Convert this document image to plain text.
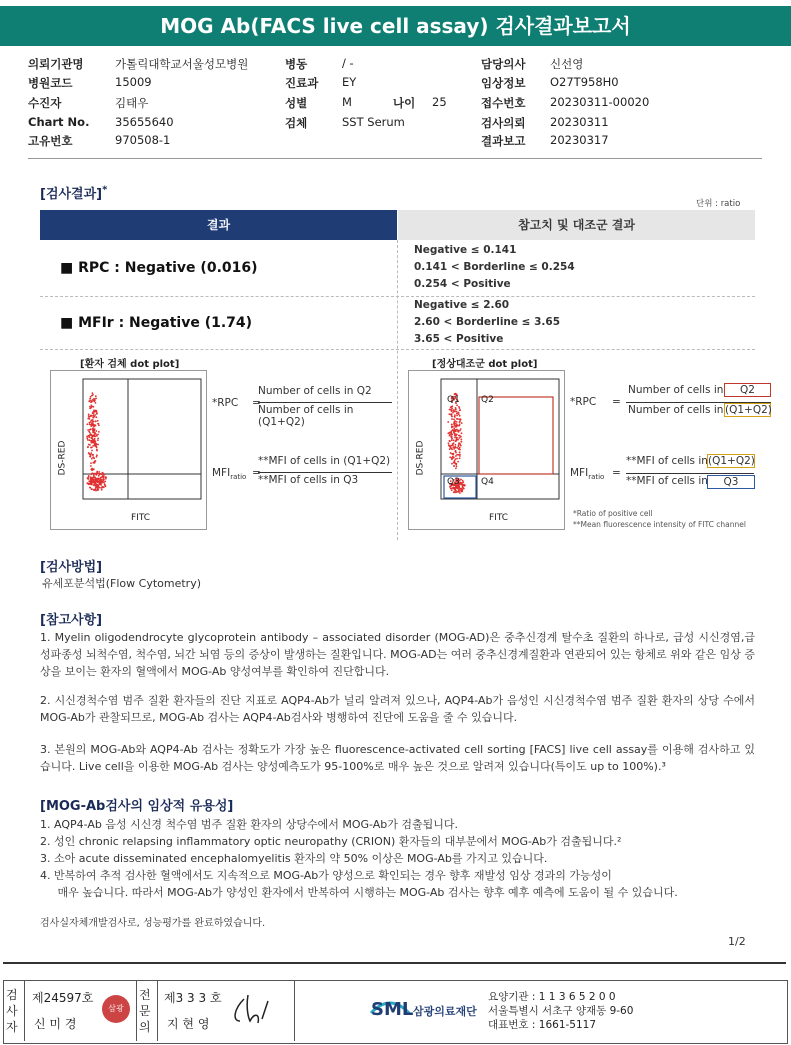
MOG Ab(FACS live cell assay) 검사결과보고서
의뢰기관명	가톨릭대학교서울성모병원
병원코드	15009
수진자	김태우
Chart No. 35655640
고유번호	970508-1
병동	/ -
진료과 EY
성별	M
검체	SST Serum
담당의사 신선영
임상정보 O27T958H0
접수번호 20230311-00020
검사의뢰 20230311
결과보고 20230317
나이 25
[검사결과]*
단위 : ratio
결과	참고치 및 대조군 결과
■ RPC : Negative (0.016)
Negative ≤ 0.141
0.141 < Borderline ≤ 0.254
0.254 < Positive
■ MFIr : Negative (1.74)
Negative ≤ 2.60
2.60 < Borderline ≤ 3.65
3.65 < Positive
[환자 검체 dot plot]
DS-RED
FITC
*RPC =
Number of cells in Q2
Number of cells in (Q1+Q2)
$MFI_{ratio}$ =
**MFI of cells in (Q1+Q2)
**MFI of cells in Q3
[정상대조군 dot plot]
Q1 Q2
Q3 Q4
DS-RED
FITC
*RPC =
Number of cells in	Q2
Number of cells in (Q1+Q2)
$MFI_{ratio}$ =
**MFI of cells in (Q1+Q2)
**MFI of cells in	Q3
*Ratio of positive cell
**Mean fluorescence intensity of FITC channel
[검사방법]
유세포분석법(Flow Cytometry)
[참고사항]
1. Myelin oligodendrocyte glycoprotein antibody – associated disorder (MOG-AD)은 중추신경계 탈수초 질환의 하나로, 급성 시신경염,급성파종성 뇌척수염, 척수염, 뇌간 뇌염 등의 증상이 발생하는 질환입니다. MOG-AD는 여러 중추신경계질환과 연관되어 있는 항체로 위와 같은 임상 증상을 보이는 환자의 혈액에서 MOG-Ab 양성여부를 확인하여 진단합니다.
2. 시신경척수염 범주 질환 환자들의 진단 지표로 AQP4-Ab가 널리 알려져 있으나, AQP4-Ab가 음성인 시신경척수염 범주 질환 환자의 상당 수에서 MOG-Ab가 관찰되므로, MOG-Ab 검사는 AQP4-Ab검사와 병행하여 진단에 도움을 줄 수 있습니다.
3. 본원의 MOG-Ab와 AQP4-Ab 검사는 정확도가 가장 높은 fluorescence-activated cell sorting [FACS] live cell assay를 이용해 검사하고 있습니다. Live cell을 이용한 MOG-Ab 검사는 양성예측도가 95-100%로 매우 높은 것으로 알려져 있습니다(특이도 up to 100%).³
[MOG-Ab검사의 임상적 유용성]
1. AQP4-Ab 음성 시신경 척수염 범주 질환 환자의 상당수에서 MOG-Ab가 검출됩니다.
2. 성인 chronic relapsing inflammatory optic neuropathy (CRION) 환자들의 대부분에서 MOG-Ab가 검출됩니다.²
3. 소아 acute disseminated encephalomyelitis 환자의 약 50% 이상은 MOG-Ab를 가지고 있습니다.
4. 반복하여 추적 검사한 혈액에서도 지속적으로 MOG-Ab가 양성으로 확인되는 경우 향후 재발성 임상 경과의 가능성이
매우 높습니다. 따라서 MOG-Ab가 양성인 환자에서 반복하여 시행하는 MOG-Ab 검사는 향후 예후 예측에 도움이 될 수 있습니다.
검사실자체개발검사로, 성능평가를 완료하였습니다.
1/2
검사자
제24597호
신 미 경
삼광
전문의
제3 3 3 호
지 현 영
SML 삼광의료재단
요양기관 : 1 1 3 6 5 2 0 0
서울특별시 서초구 양재동 9-60
대표번호 : 1661-5117
